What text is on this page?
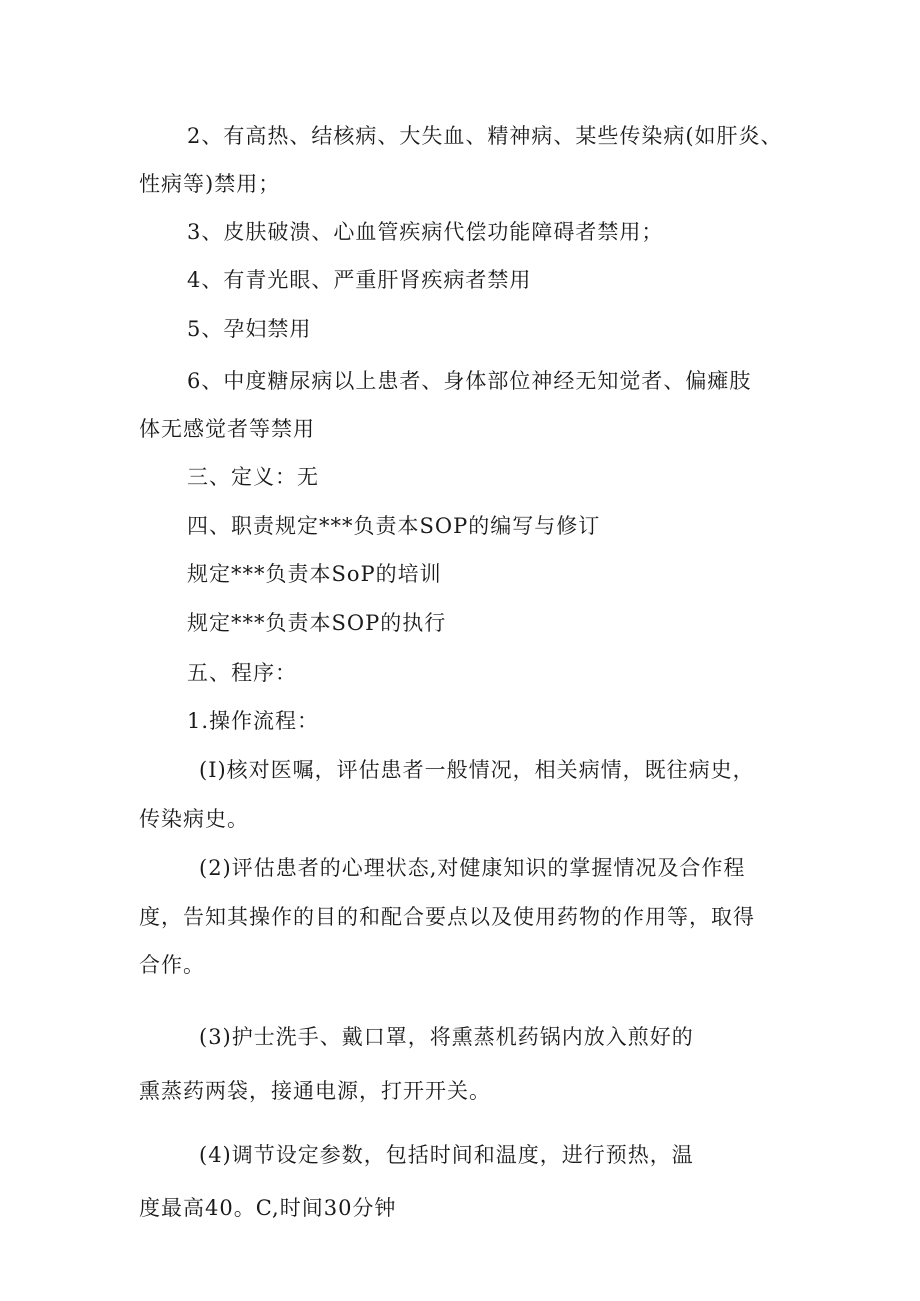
2、有高热、结核病、大失血、精神病、某些传染病(如肝炎、
性病等)禁用；
3、皮肤破溃、心血管疾病代偿功能障碍者禁用；
4、有青光眼、严重肝肾疾病者禁用
5、孕妇禁用
6、中度糖尿病以上患者、身体部位神经无知觉者、偏瘫肢
体无感觉者等禁用
三、定义：无
四、职责规定***负责本SOP的编写与修订
规定***负责本SoP的培训
规定***负责本SOP的执行
五、程序：
1.操作流程：
(I)核对医嘱，评估患者一般情况，相关病情，既往病史，
传染病史。
(2)评估患者的心理状态,对健康知识的掌握情况及合作程
度，告知其操作的目的和配合要点以及使用药物的作用等，取得
合作。
(3)护士洗手、戴口罩，将熏蒸机药锅内放入煎好的
熏蒸药两袋，接通电源，打开开关。
(4)调节设定参数，包括时间和温度，进行预热，温
度最高40。C,时间30分钟
